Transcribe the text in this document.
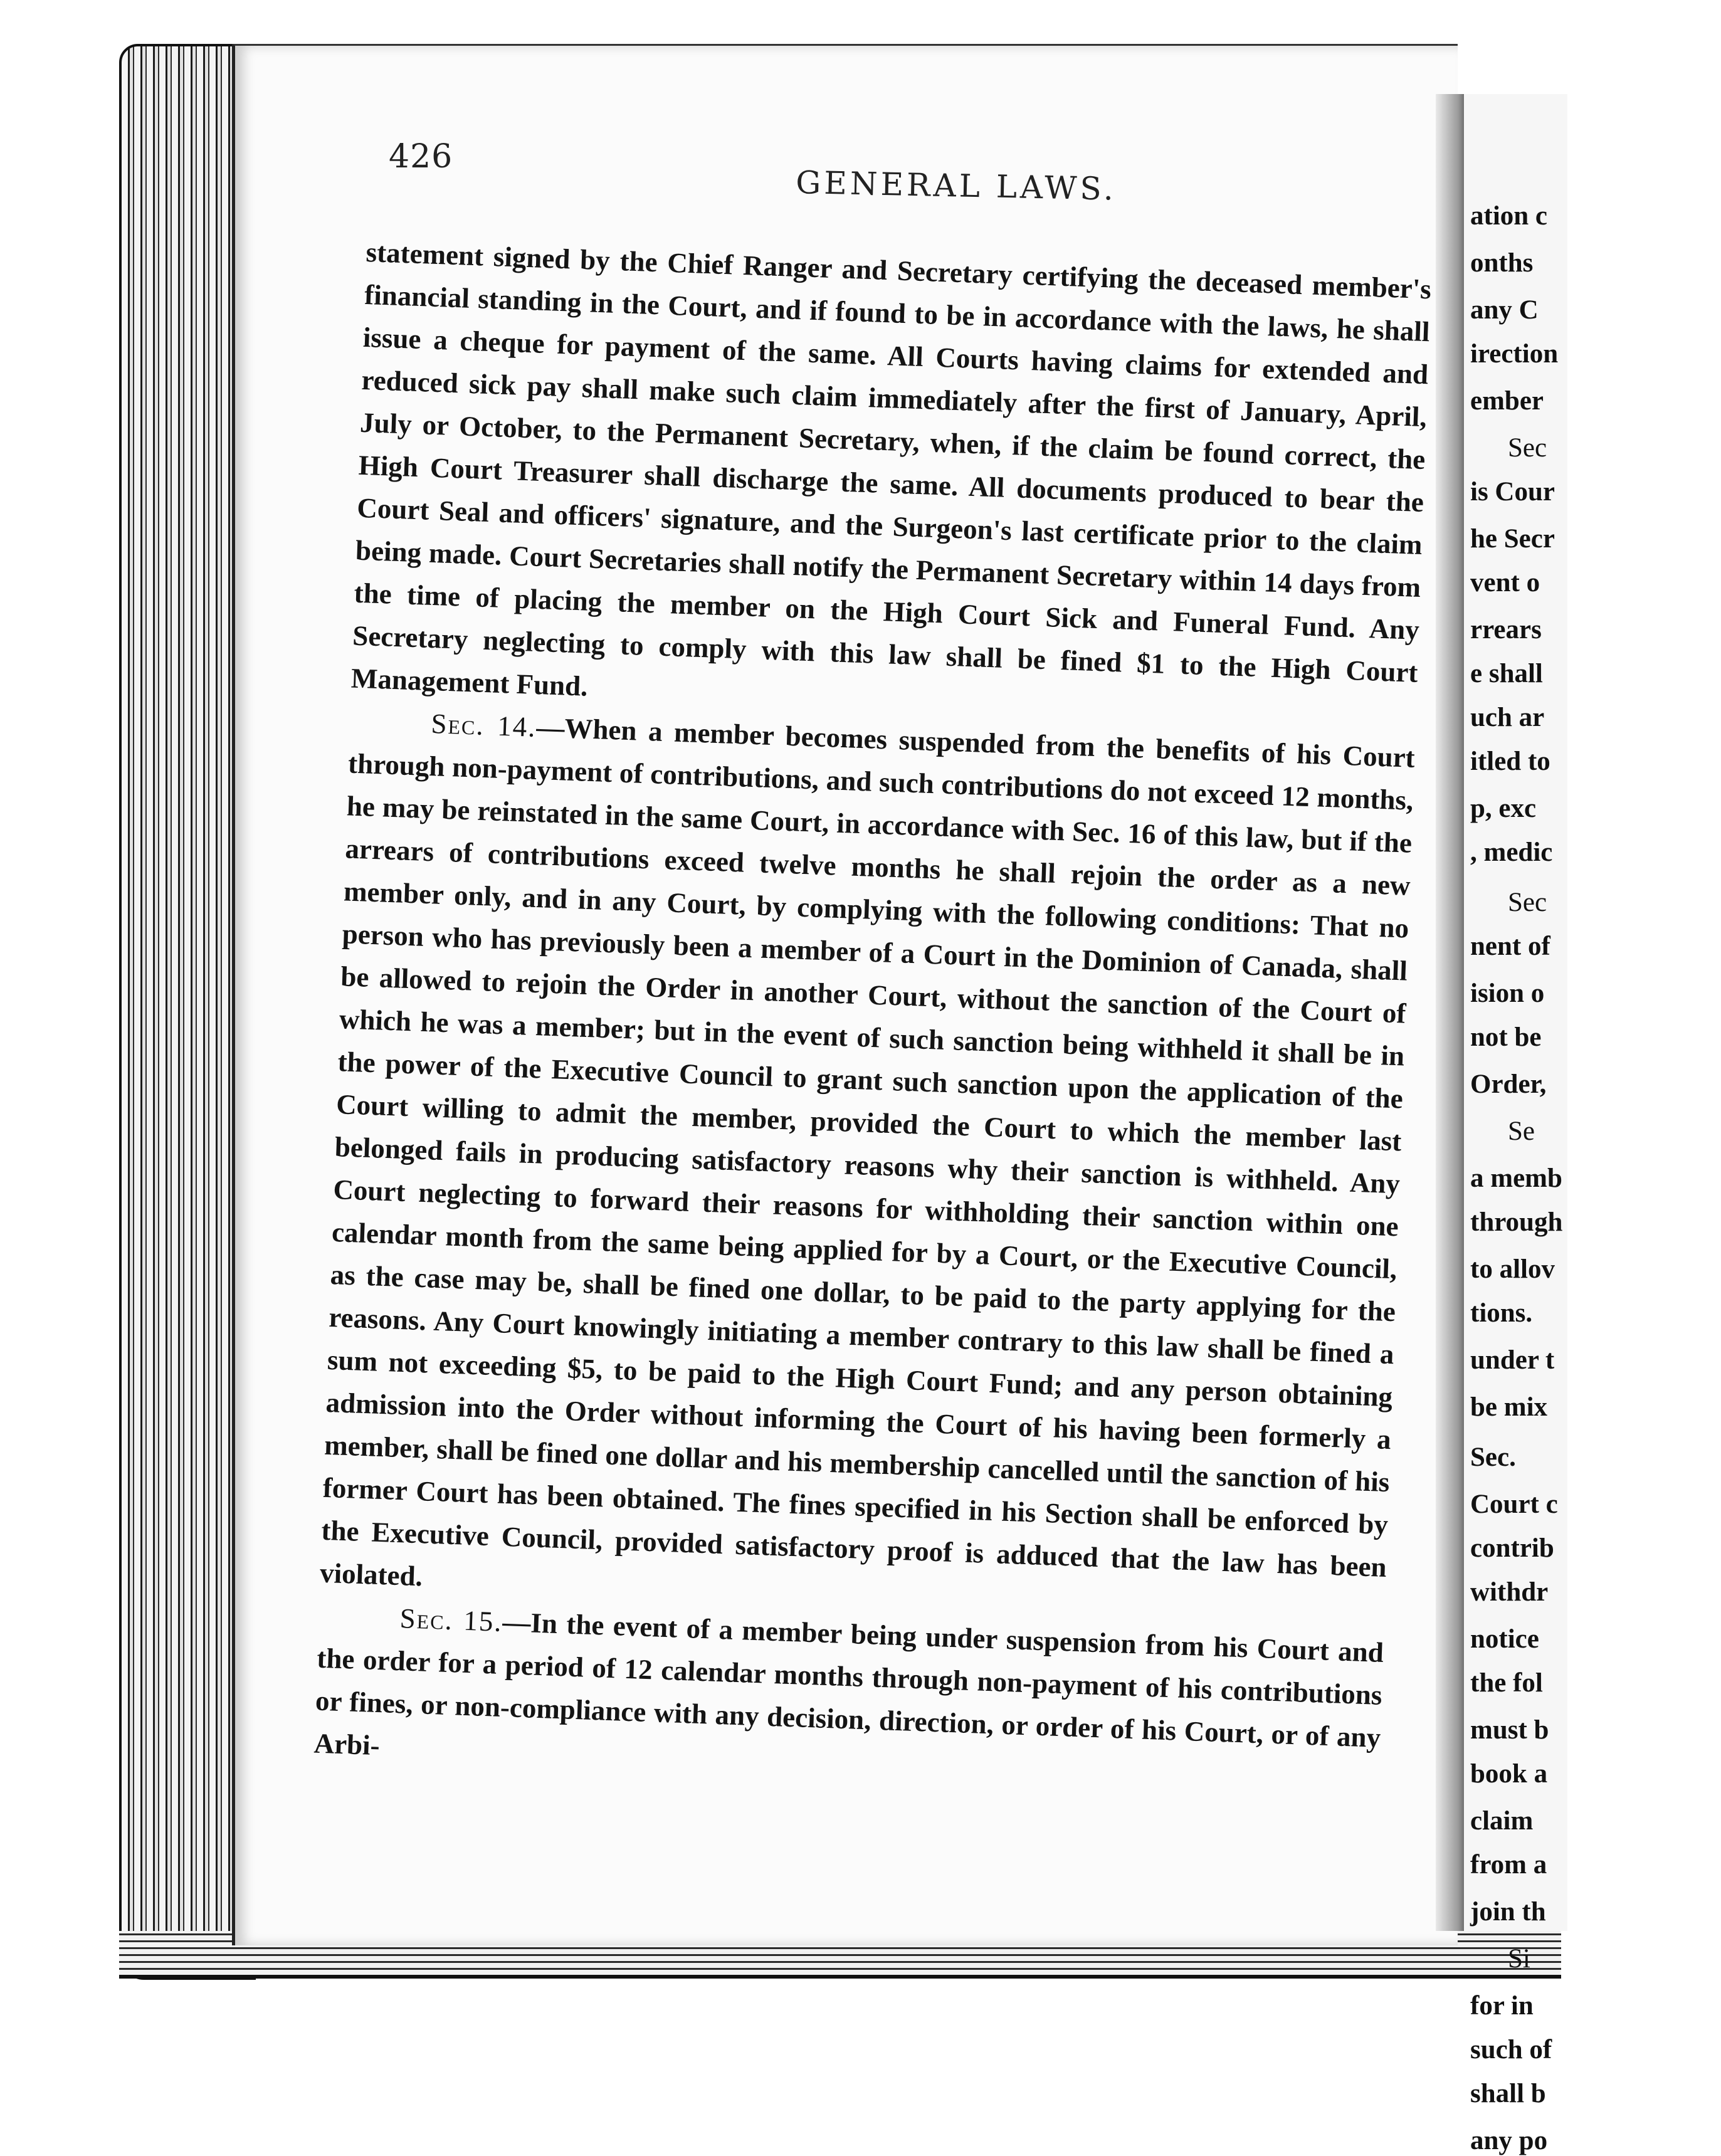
ation c
onths
any C
irection
ember
Sec
is Cour
he Secr
vent o
rrears
e shall
uch ar
itled to
p, exc
, medic
Sec
nent of
ision o
not be
Order,
Se
a memb
through
to allov
tions.
under t
be mix
Sec.
Court c
contrib
withdr
notice
the fol
must b
book a
claim
from a
join th
Si
for in
such of
shall b
any po
426
GENERAL LAWS.

statement signed by the Chief Ranger and Secretary certifying the deceased member's financial standing in the Court, and if found to be in accordance with the laws, he shall issue a cheque for payment of the same. All Courts having claims for extended and reduced sick pay shall make such claim immediately after the first of January, April, July or October, to the Permanent Secretary, when, if the claim be found correct, the High Court Treasurer shall discharge the same. All documents produced to bear the Court Seal and officers' signature, and the Surgeon's last certificate prior to the claim being made. Court Secretaries shall notify the Permanent Secretary within 14 days from the time of placing the member on the High Court Sick and Funeral Fund. Any Secretary neglecting to comply with this law shall be fined $1 to the High Court Management Fund.

Sec. 14.—When a member becomes suspended from the benefits of his Court through non-payment of contributions, and such contributions do not exceed 12 months, he may be reinstated in the same Court, in accordance with Sec. 16 of this law, but if the arrears of contributions exceed twelve months he shall rejoin the order as a new member only, and in any Court, by complying with the following conditions: That no person who has previously been a member of a Court in the Dominion of Canada, shall be allowed to rejoin the Order in another Court, without the sanction of the Court of which he was a member; but in the event of such sanction being withheld it shall be in the power of the Executive Council to grant such sanction upon the application of the Court willing to admit the member, provided the Court to which the member last belonged fails in producing satisfactory reasons why their sanction is withheld. Any Court neglecting to forward their reasons for withholding their sanction within one calendar month from the same being applied for by a Court, or the Executive Council, as the case may be, shall be fined one dollar, to be paid to the party applying for the reasons. Any Court knowingly initiating a member contrary to this law shall be fined a sum not exceeding $5, to be paid to the High Court Fund; and any person obtaining admission into the Order without informing the Court of his having been formerly a member, shall be fined one dollar and his membership cancelled until the sanction of his former Court has been obtained. The fines specified in his Section shall be enforced by the Executive Council, provided satisfactory proof is adduced that the law has been violated.

Sec. 15.—In the event of a member being under suspension from his Court and the order for a period of 12 calendar months through non-payment of his contributions or fines, or non-compliance with any decision, direction, or order of his Court, or of any Arbi-
